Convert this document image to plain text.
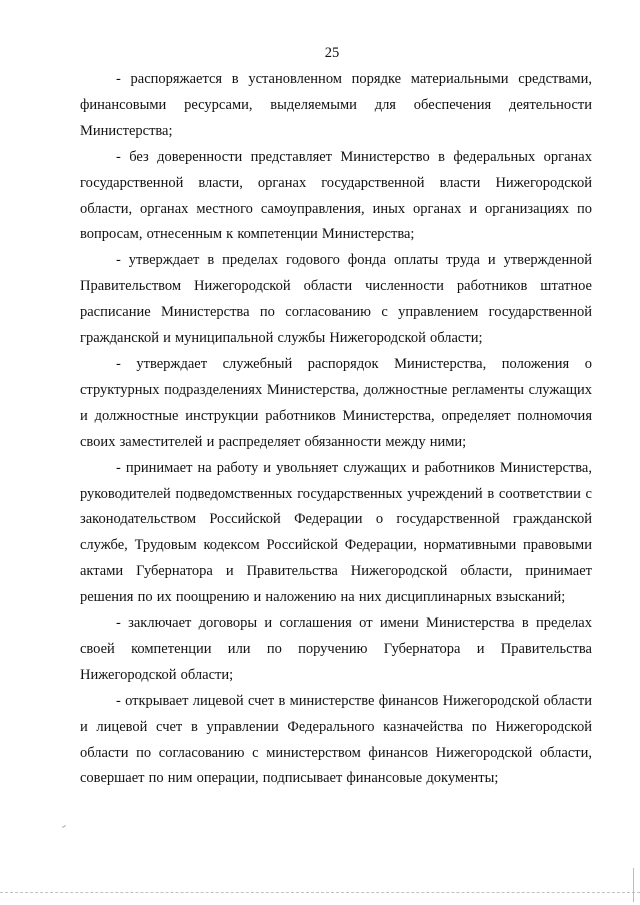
25

- распоряжается в установленном порядке материальными средствами, финансовыми ресурсами, выделяемыми для обеспечения деятельности Министерства;

- без доверенности представляет Министерство в федеральных органах государственной власти, органах государственной власти Нижегородской области, органах местного самоуправления, иных органах и организациях по вопросам, отнесенным к компетенции Министерства;

- утверждает в пределах годового фонда оплаты труда и утвержденной Правительством Нижегородской области численности работников штатное расписание Министерства по согласованию с управлением государственной гражданской и муниципальной службы Нижегородской области;

- утверждает служебный распорядок Министерства, положения о структурных подразделениях Министерства, должностные регламенты служащих и должностные инструкции работников Министерства, определяет полномочия своих заместителей и распределяет обязанности между ними;

- принимает на работу и увольняет служащих и работников Министерства, руководителей подведомственных государственных учреждений в соответствии с законодательством Российской Федерации о государственной гражданской службе, Трудовым кодексом Российской Федерации, нормативными правовыми актами Губернатора и Правительства Нижегородской области, принимает решения по их поощрению и наложению на них дисциплинарных взысканий;

- заключает договоры и соглашения от имени Министерства в пределах своей компетенции или по поручению Губернатора и Правительства Нижегородской области;

- открывает лицевой счет в министерстве финансов Нижегородской области и лицевой счет в управлении Федерального казначейства по Нижегородской области по согласованию с министерством финансов Нижегородской области, совершает по ним операции, подписывает финансовые документы;
